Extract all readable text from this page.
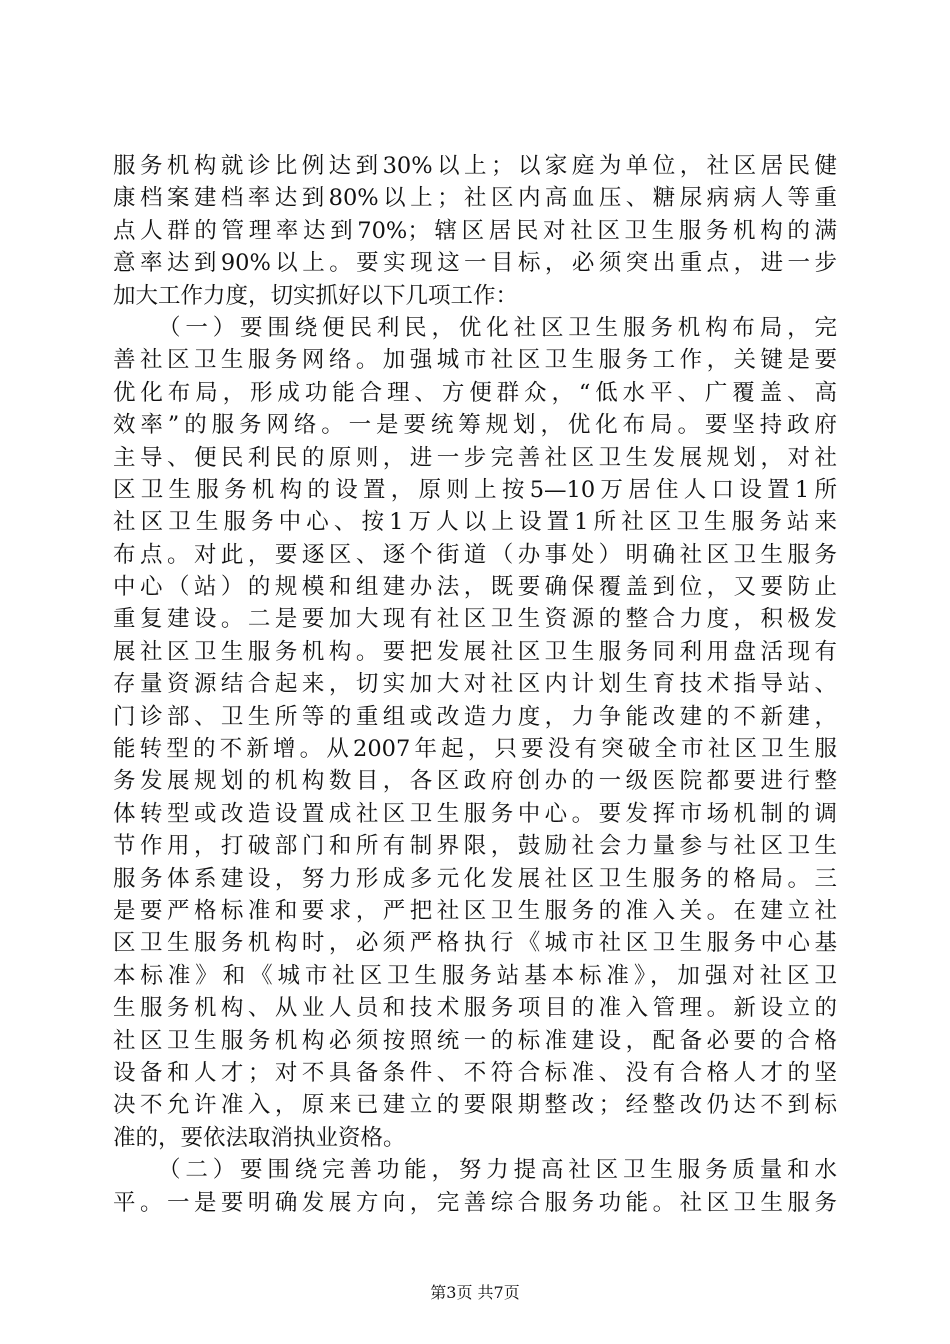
服务机构就诊比例达到30%以上；以家庭为单位，社区居民健
康档案建档率达到80%以上；社区内高血压、糖尿病病人等重
点人群的管理率达到70%；辖区居民对社区卫生服务机构的满
意率达到90%以上。要实现这一目标，必须突出重点，进一步
加大工作力度，切实抓好以下几项工作：
（一）要围绕便民利民，优化社区卫生服务机构布局，完
善社区卫生服务网络。加强城市社区卫生服务工作，关键是要
优化布局，形成功能合理、方便群众，“低水平、广覆盖、高
效率”的服务网络。一是要统筹规划，优化布局。要坚持政府
主导、便民利民的原则，进一步完善社区卫生发展规划，对社
区卫生服务机构的设置，原则上按5—10万居住人口设置1所
社区卫生服务中心、按1万人以上设置1所社区卫生服务站来
布点。对此，要逐区、逐个街道（办事处）明确社区卫生服务
中心（站）的规模和组建办法，既要确保覆盖到位，又要防止
重复建设。二是要加大现有社区卫生资源的整合力度，积极发
展社区卫生服务机构。要把发展社区卫生服务同利用盘活现有
存量资源结合起来，切实加大对社区内计划生育技术指导站、
门诊部、卫生所等的重组或改造力度，力争能改建的不新建，
能转型的不新增。从2007年起，只要没有突破全市社区卫生服
务发展规划的机构数目，各区政府创办的一级医院都要进行整
体转型或改造设置成社区卫生服务中心。要发挥市场机制的调
节作用，打破部门和所有制界限，鼓励社会力量参与社区卫生
服务体系建设，努力形成多元化发展社区卫生服务的格局。三
是要严格标准和要求，严把社区卫生服务的准入关。在建立社
区卫生服务机构时，必须严格执行《城市社区卫生服务中心基
本标准》和《城市社区卫生服务站基本标准》，加强对社区卫
生服务机构、从业人员和技术服务项目的准入管理。新设立的
社区卫生服务机构必须按照统一的标准建设，配备必要的合格
设备和人才；对不具备条件、不符合标准、没有合格人才的坚
决不允许准入，原来已建立的要限期整改；经整改仍达不到标
准的，要依法取消执业资格。
（二）要围绕完善功能，努力提高社区卫生服务质量和水
平。一是要明确发展方向，完善综合服务功能。社区卫生服务
第3页 共7页
